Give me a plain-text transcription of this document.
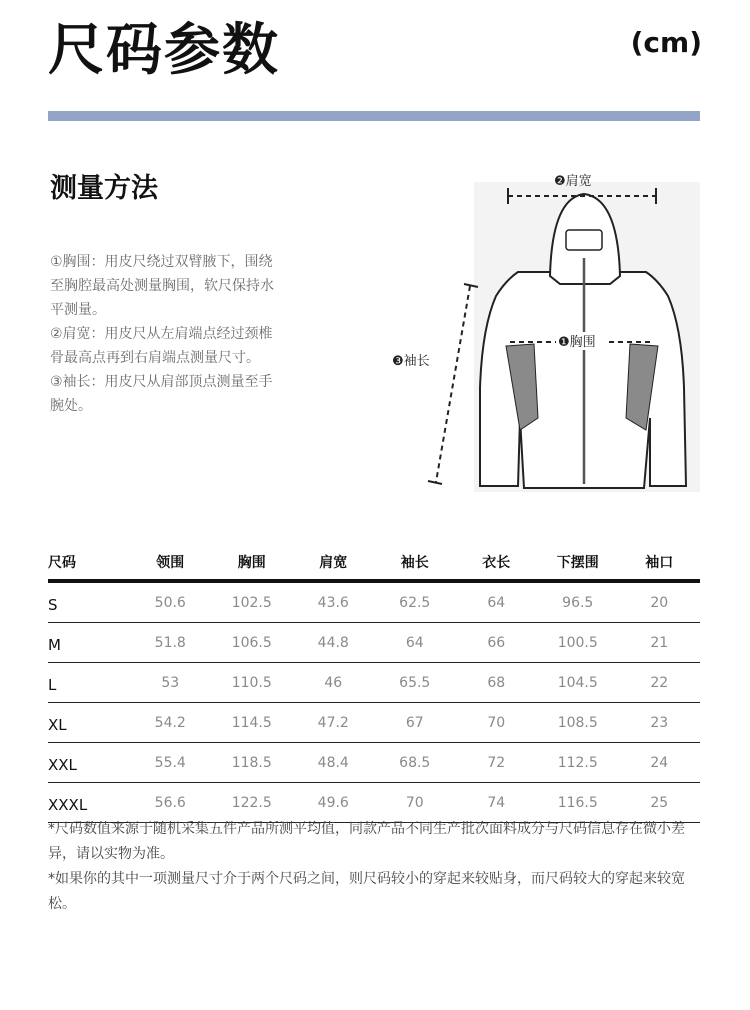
尺码参数	(cm)
测量方法

①胸围：用皮尺绕过双臂腋下，围绕至胸腔最高处测量胸围，软尺保持水平测量。

②肩宽：用皮尺从左肩端点经过颈椎骨最高点再到右肩端点测量尺寸。

③袖长：用皮尺从肩部顶点测量至手腕处。

❷肩宽
❶胸围
❸袖长
尺码	领围	胸围	肩宽	袖长	衣长	下摆围	袖口
S	50.6	102.5	43.6	62.5	64	96.5	20
M	51.8	106.5	44.8	64	66	100.5	21
L	53	110.5	46	65.5	68	104.5	22
XL	54.2	114.5	47.2	67	70	108.5	23
XXL	55.4	118.5	48.4	68.5	72	112.5	24
XXXL	56.6	122.5	49.6	70	74	116.5	25

*尺码数值来源于随机采集五件产品所测平均值，同款产品不同生产批次面料成分与尺码信息存在微小差异，请以实物为准。

*如果你的其中一项测量尺寸介于两个尺码之间，则尺码较小的穿起来较贴身，而尺码较大的穿起来较宽松。
